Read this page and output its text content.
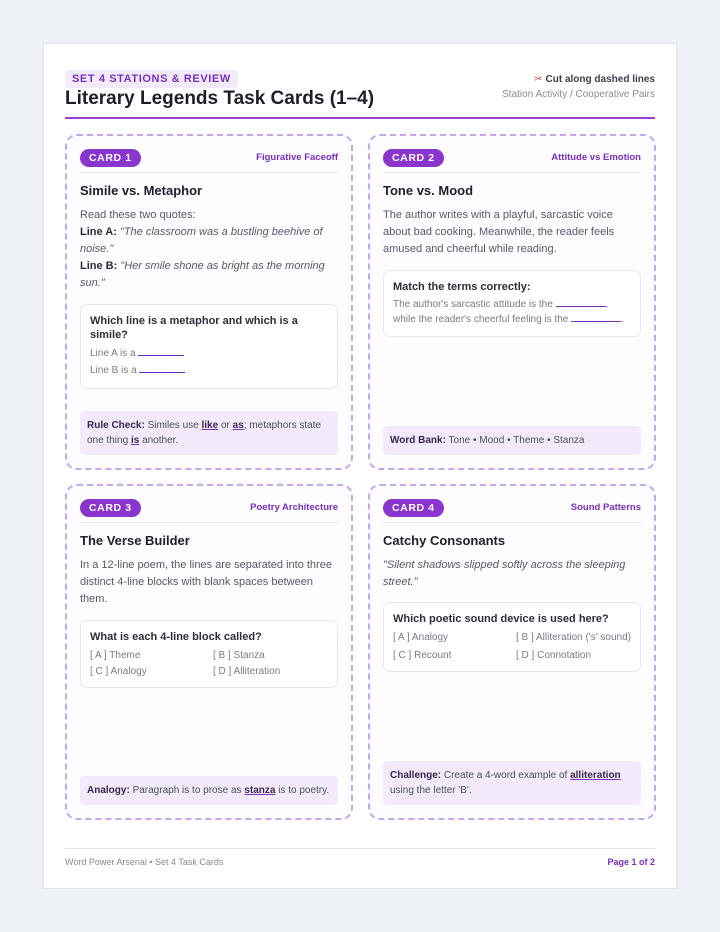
SET 4 STATIONS & REVIEW
Literary Legends Task Cards (1–4)
✂ Cut along dashed lines
Station Activity / Cooperative Pairs
CARD 1	Figurative Faceoff
Simile vs. Metaphor
Read these two quotes:
Line A: "The classroom was a bustling beehive of noise."
Line B: "Her smile shone as bright as the morning sun."
Which line is a metaphor and which is a simile?
Line A is a
Line B is a
Rule Check: Similes use like or as; metaphors state one thing is another.
CARD 2	Attitude vs Emotion
Tone vs. Mood
The author writes with a playful, sarcastic voice about bad cooking. Meanwhile, the reader feels amused and cheerful while reading.
Match the terms correctly:
The author's sarcastic attitude is the	, while the reader's cheerful feeling is the	.
Word Bank: Tone • Mood • Theme • Stanza
CARD 3	Poetry Architecture
The Verse Builder
In a 12-line poem, the lines are separated into three distinct 4-line blocks with blank spaces between them.
What is each 4-line block called?
[ A ] Theme	[ B ] Stanza
[ C ] Analogy	[ D ] Alliteration
Analogy: Paragraph is to prose as stanza is to poetry.
CARD 4	Sound Patterns
Catchy Consonants
"Silent shadows slipped softly across the sleeping street."
Which poetic sound device is used here?
[ A ] Analogy	[ B ] Alliteration ('s' sound)
[ C ] Recount	[ D ] Connotation
Challenge: Create a 4-word example of alliteration using the letter 'B'.
Word Power Arsenal • Set 4 Task Cards	Page 1 of 2
